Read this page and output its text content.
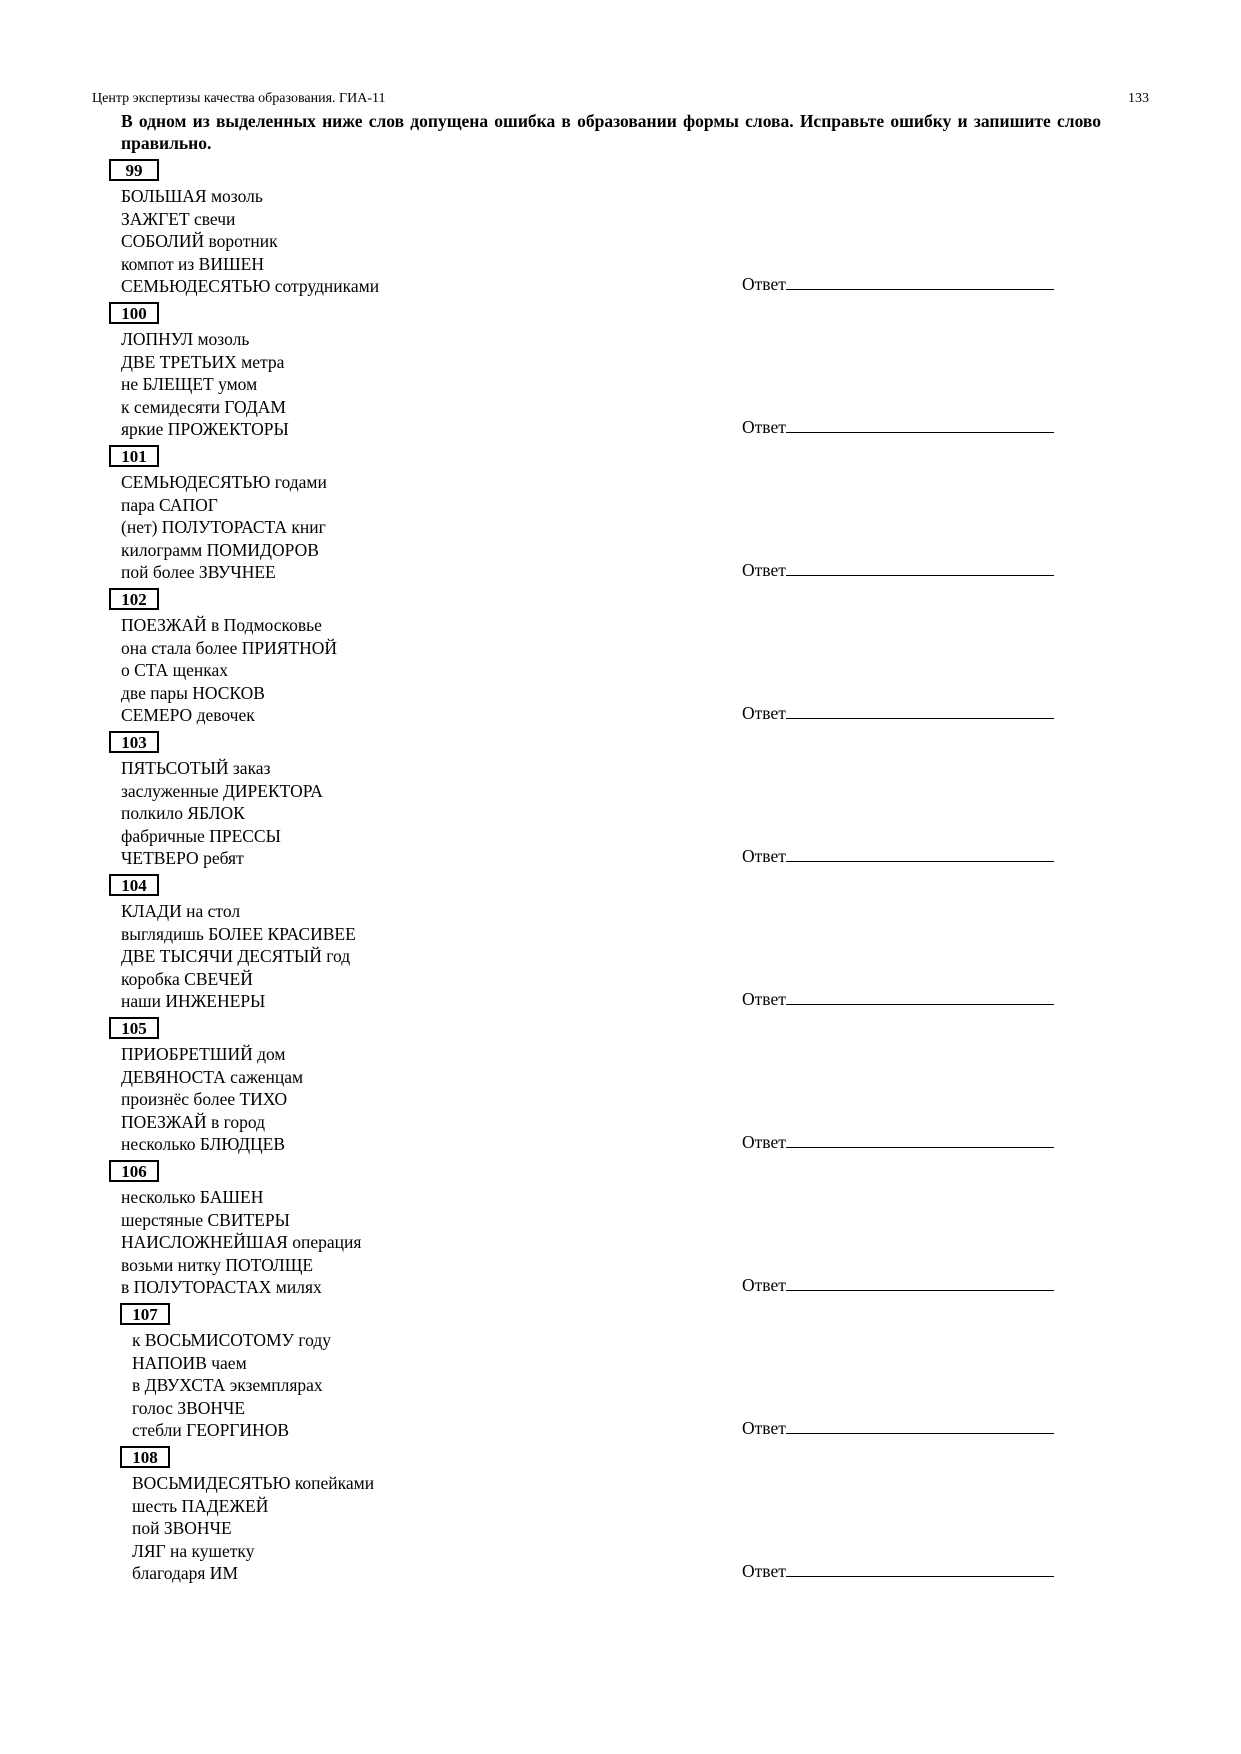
Центр экспертизы качества образования. ГИА-11	133
В одном из выделенных ниже слов допущена ошибка в образовании формы слова. Исправьте ошибку и запишите слово правильно.
99
БОЛЬШАЯ мозоль
ЗАЖГЕТ свечи
СОБОЛИЙ воротник
компот из ВИШЕН
СЕМЬЮДЕСЯТЬЮ сотрудниками	Ответ
100
ЛОПНУЛ мозоль
ДВЕ ТРЕТЬИХ метра
не БЛЕЩЕТ умом
к семидесяти ГОДАМ
яркие ПРОЖЕКТОРЫ	Ответ
101
СЕМЬЮДЕСЯТЬЮ годами
пара САПОГ
(нет) ПОЛУТОРАСТА книг
килограмм ПОМИДОРОВ
пой более ЗВУЧНЕЕ	Ответ
102
ПОЕЗЖАЙ в Подмосковье
она стала более ПРИЯТНОЙ
о СТА щенках
две пары НОСКОВ
СЕМЕРО девочек	Ответ
103
ПЯТЬСОТЫЙ заказ
заслуженные ДИРЕКТОРА
полкило ЯБЛОК
фабричные ПРЕССЫ
ЧЕТВЕРО ребят	Ответ
104
КЛАДИ на стол
выглядишь БОЛЕЕ КРАСИВЕЕ
ДВЕ ТЫСЯЧИ ДЕСЯТЫЙ год
коробка СВЕЧЕЙ
наши ИНЖЕНЕРЫ	Ответ
105
ПРИОБРЕТШИЙ дом
ДЕВЯНОСТА саженцам
произнёс более ТИХО
ПОЕЗЖАЙ в город
несколько БЛЮДЦЕВ	Ответ
106
несколько БАШЕН
шерстяные СВИТЕРЫ
НАИСЛОЖНЕЙШАЯ операция
возьми нитку ПОТОЛЩЕ
в ПОЛУТОРАСТАХ милях	Ответ
107
к ВОСЬМИСОТОМУ году
НАПОИВ чаем
в ДВУХСТА экземплярах
голос ЗВОНЧЕ
стебли ГЕОРГИНОВ	Ответ
108
ВОСЬМИДЕСЯТЬЮ копейками
шесть ПАДЕЖЕЙ
пой ЗВОНЧЕ
ЛЯГ на кушетку
благодаря ИМ	Ответ
